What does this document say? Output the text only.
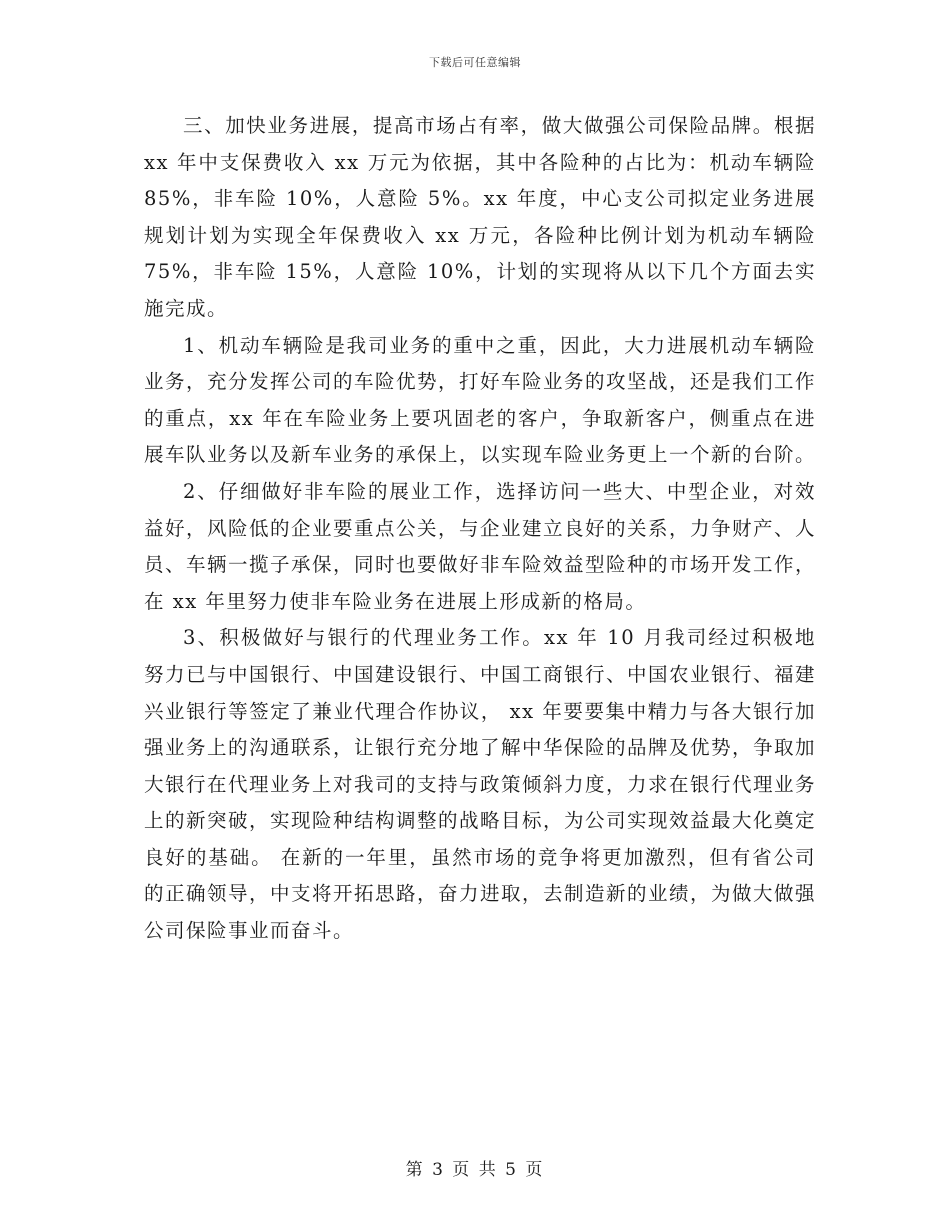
下载后可任意编辑

三、加快业务进展，提高市场占有率，做大做强公司保险品牌。根据 xx 年中支保费收入 xx 万元为依据，其中各险种的占比为：机动车辆险 85%，非车险 10%，人意险 5%。xx 年度，中心支公司拟定业务进展规划计划为实现全年保费收入 xx 万元，各险种比例计划为机动车辆险 75%，非车险 15%，人意险 10%，计划的实现将从以下几个方面去实施完成。

1、机动车辆险是我司业务的重中之重，因此，大力进展机动车辆险业务，充分发挥公司的车险优势，打好车险业务的攻坚战，还是我们工作的重点，xx 年在车险业务上要巩固老的客户，争取新客户，侧重点在进展车队业务以及新车业务的承保上，以实现车险业务更上一个新的台阶。

2、仔细做好非车险的展业工作，选择访问一些大、中型企业，对效益好，风险低的企业要重点公关，与企业建立良好的关系，力争财产、人员、车辆一揽子承保，同时也要做好非车险效益型险种的市场开发工作，在 xx 年里努力使非车险业务在进展上形成新的格局。

3、积极做好与银行的代理业务工作。xx 年 10 月我司经过积极地努力已与中国银行、中国建设银行、中国工商银行、中国农业银行、福建兴业银行等签定了兼业代理合作协议， xx 年要要集中精力与各大银行加强业务上的沟通联系，让银行充分地了解中华保险的品牌及优势，争取加大银行在代理业务上对我司的支持与政策倾斜力度，力求在银行代理业务上的新突破，实现险种结构调整的战略目标，为公司实现效益最大化奠定良好的基础。 在新的一年里，虽然市场的竞争将更加激烈，但有省公司的正确领导，中支将开拓思路，奋力进取，去制造新的业绩，为做大做强公司保险事业而奋斗。

第 3 页 共 5 页
